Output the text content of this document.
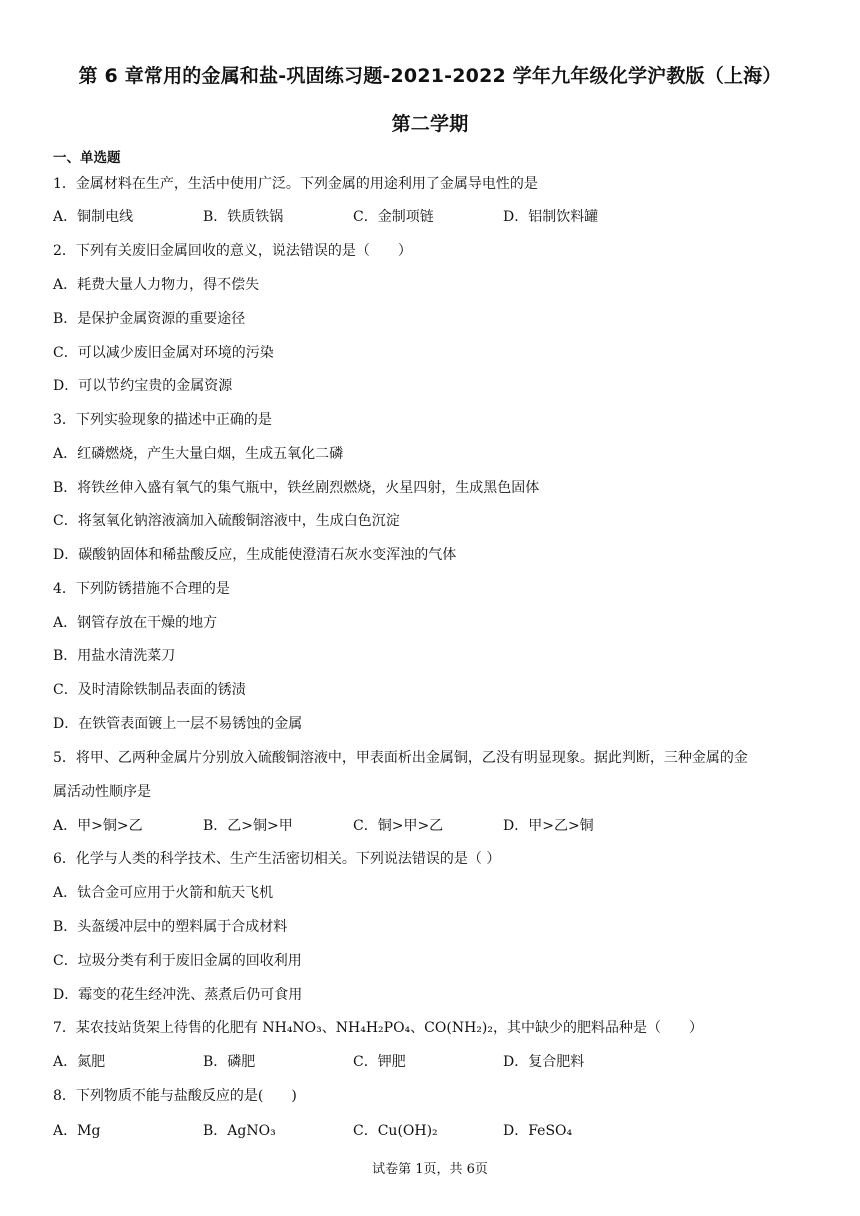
第 6 章常用的金属和盐-巩固练习题-2021-2022 学年九年级化学沪教版（上海）
第二学期
一、单选题
1．金属材料在生产，生活中使用广泛。下列金属的用途利用了金属导电性的是
A．铜制电线	B．铁质铁锅	C．金制项链	D．铝制饮料罐
2．下列有关废旧金属回收的意义，说法错误的是（　　）
A．耗费大量人力物力，得不偿失
B．是保护金属资源的重要途径
C．可以减少废旧金属对环境的污染
D．可以节约宝贵的金属资源
3．下列实验现象的描述中正确的是
A．红磷燃烧，产生大量白烟，生成五氧化二磷
B．将铁丝伸入盛有氧气的集气瓶中，铁丝剧烈燃烧，火星四射，生成黑色固体
C．将氢氧化钠溶液滴加入硫酸铜溶液中，生成白色沉淀
D．碳酸钠固体和稀盐酸反应，生成能使澄清石灰水变浑浊的气体
4．下列防锈措施不合理的是
A．钢管存放在干燥的地方
B．用盐水清洗菜刀
C．及时清除铁制品表面的锈渍
D．在铁管表面镀上一层不易锈蚀的金属
5．将甲、乙两种金属片分别放入硫酸铜溶液中，甲表面析出金属铜，乙没有明显现象。据此判断，三种金属的金
属活动性顺序是
A．甲>铜>乙	B．乙>铜>甲	C．铜>甲>乙	D．甲>乙>铜
6．化学与人类的科学技术、生产生活密切相关。下列说法错误的是（ ）
A．钛合金可应用于火箭和航天飞机
B．头盔缓冲层中的塑料属于合成材料
C．垃圾分类有利于废旧金属的回收利用
D．霉变的花生经冲洗、蒸煮后仍可食用
7．某农技站货架上待售的化肥有 NH₄NO₃、NH₄H₂PO₄、CO(NH₂)₂，其中缺少的肥料品种是（　　）
A．氮肥	B．磷肥	C．钾肥	D．复合肥料
8．下列物质不能与盐酸反应的是(　　)
A．Mg	B．AgNO₃	C．Cu(OH)₂	D．FeSO₄
试卷第 1页，共 6页
